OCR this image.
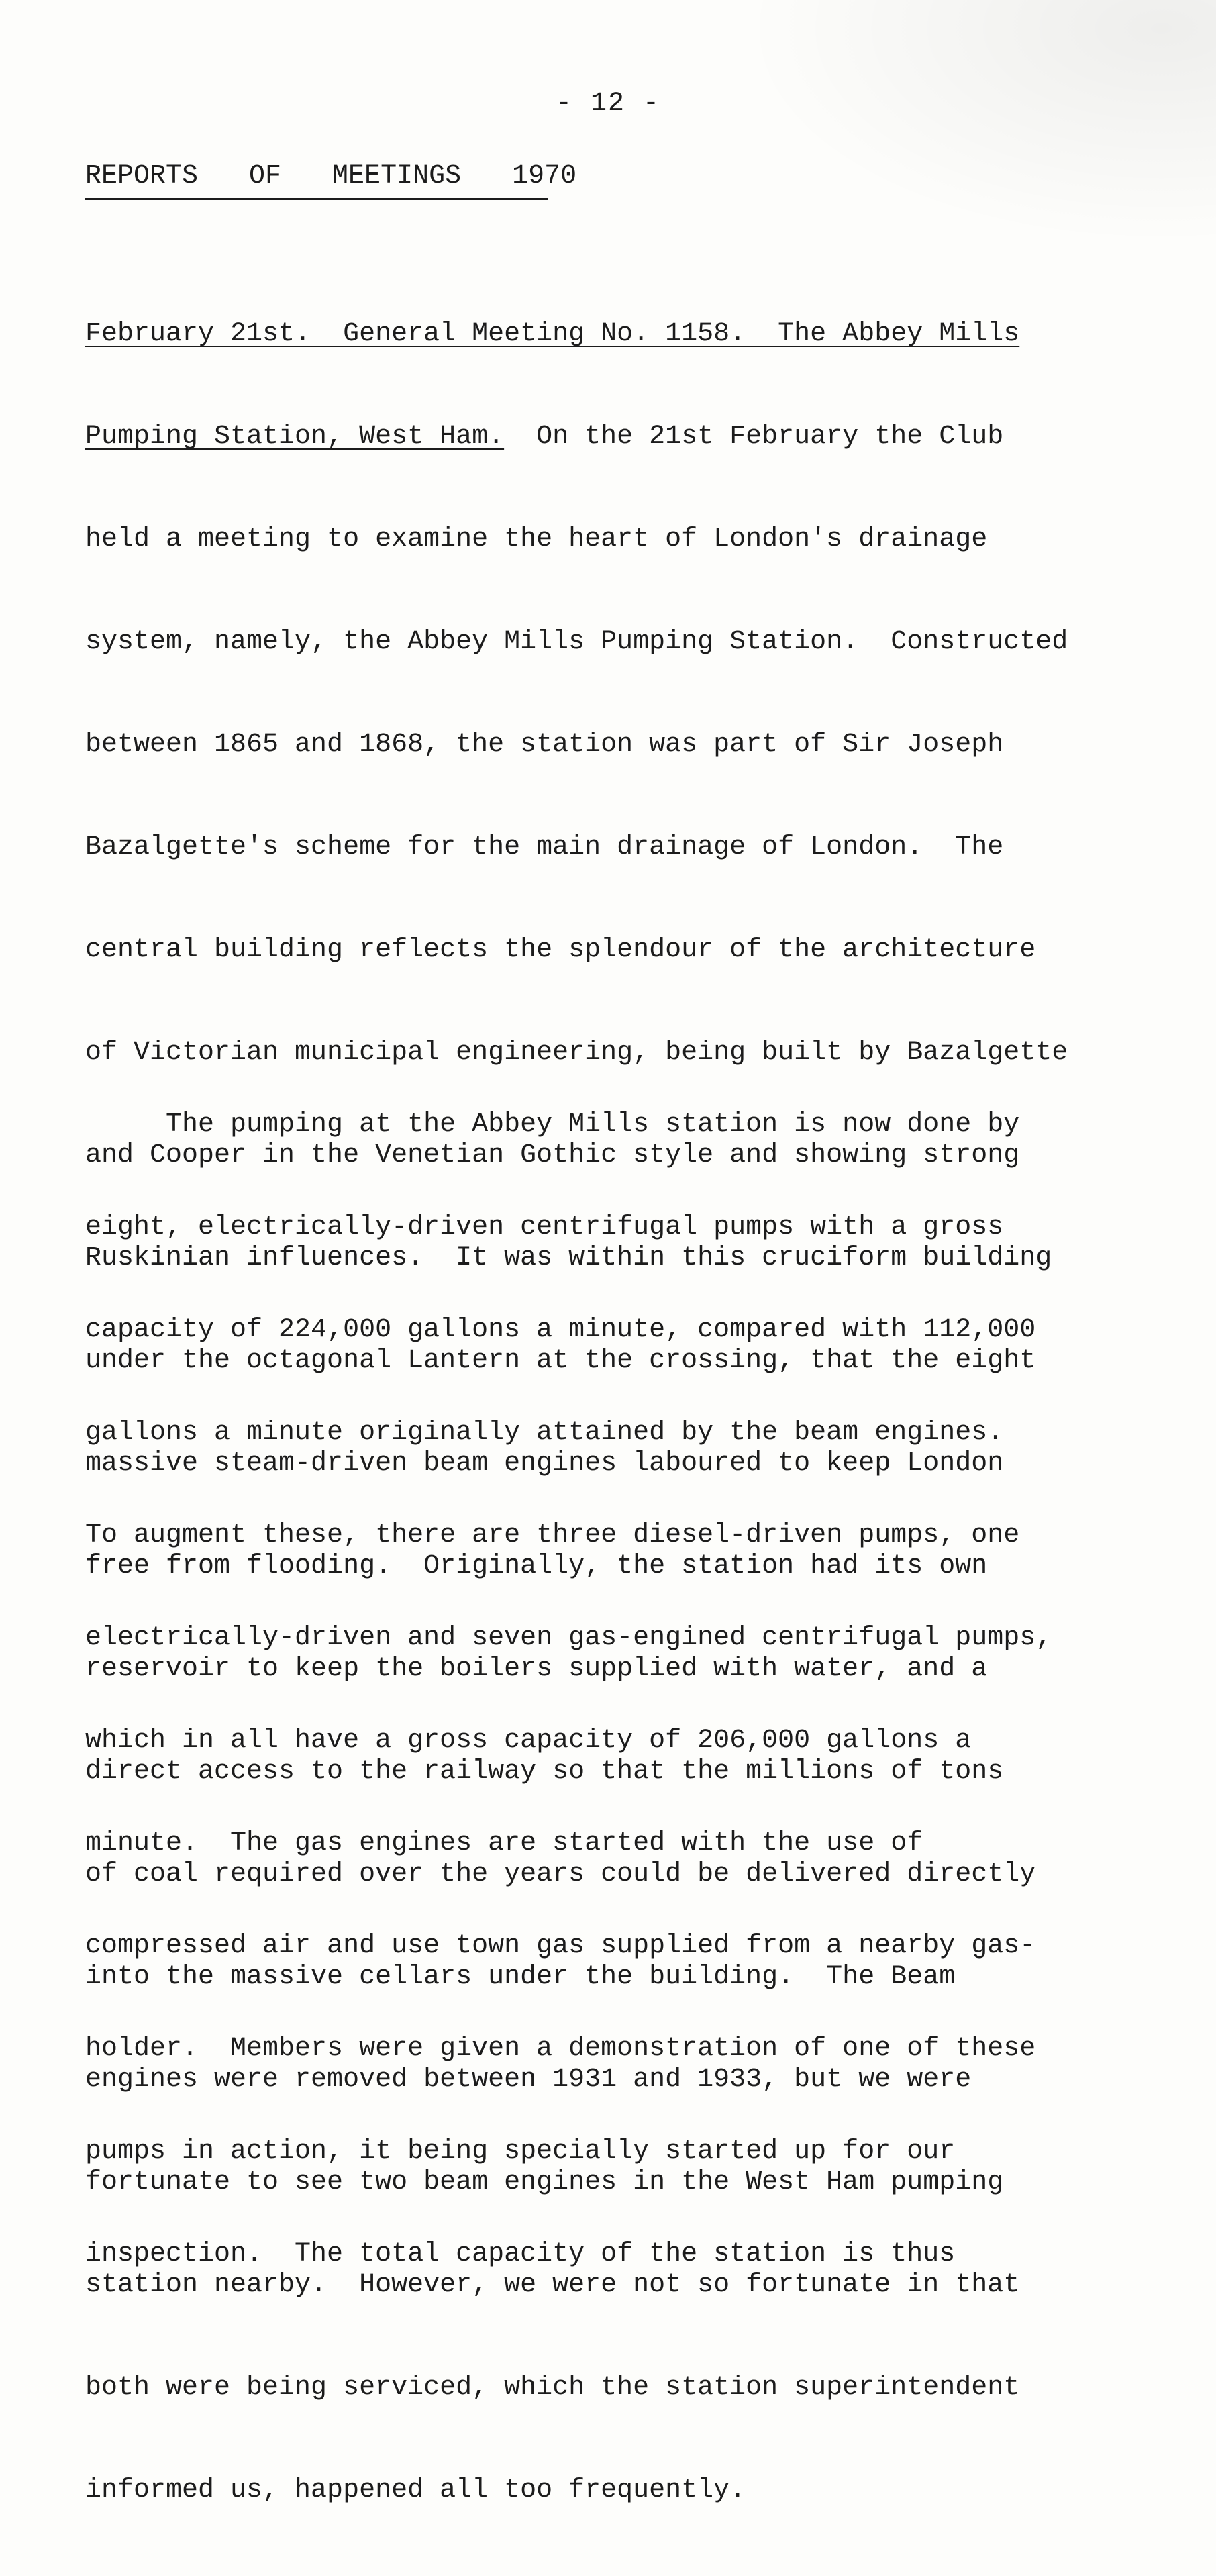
- 12 -
REPORTS  OF  MEETINGS  1970

February 21st.  General Meeting No. 1158.  The Abbey Mills

Pumping Station, West Ham.  On the 21st February the Club

held a meeting to examine the heart of London's drainage

system, namely, the Abbey Mills Pumping Station.  Constructed

between 1865 and 1868, the station was part of Sir Joseph

Bazalgette's scheme for the main drainage of London.  The

central building reflects the splendour of the architecture

of Victorian municipal engineering, being built by Bazalgette

and Cooper in the Venetian Gothic style and showing strong

Ruskinian influences.  It was within this cruciform building

under the octagonal Lantern at the crossing, that the eight

massive steam-driven beam engines laboured to keep London

free from flooding.  Originally, the station had its own

reservoir to keep the boilers supplied with water, and a

direct access to the railway so that the millions of tons

of coal required over the years could be delivered directly

into the massive cellars under the building.  The Beam

engines were removed between 1931 and 1933, but we were

fortunate to see two beam engines in the West Ham pumping

station nearby.  However, we were not so fortunate in that

both were being serviced, which the station superintendent

informed us, happened all too frequently.

The pumping at the Abbey Mills station is now done by

eight, electrically-driven centrifugal pumps with a gross

capacity of 224,000 gallons a minute, compared with 112,000

gallons a minute originally attained by the beam engines.

To augment these, there are three diesel-driven pumps, one

electrically-driven and seven gas-engined centrifugal pumps,

which in all have a gross capacity of 206,000 gallons a

minute.  The gas engines are started with the use of

compressed air and use town gas supplied from a nearby gas-

holder.  Members were given a demonstration of one of these

pumps in action, it being specially started up for our

inspection.  The total capacity of the station is thus
